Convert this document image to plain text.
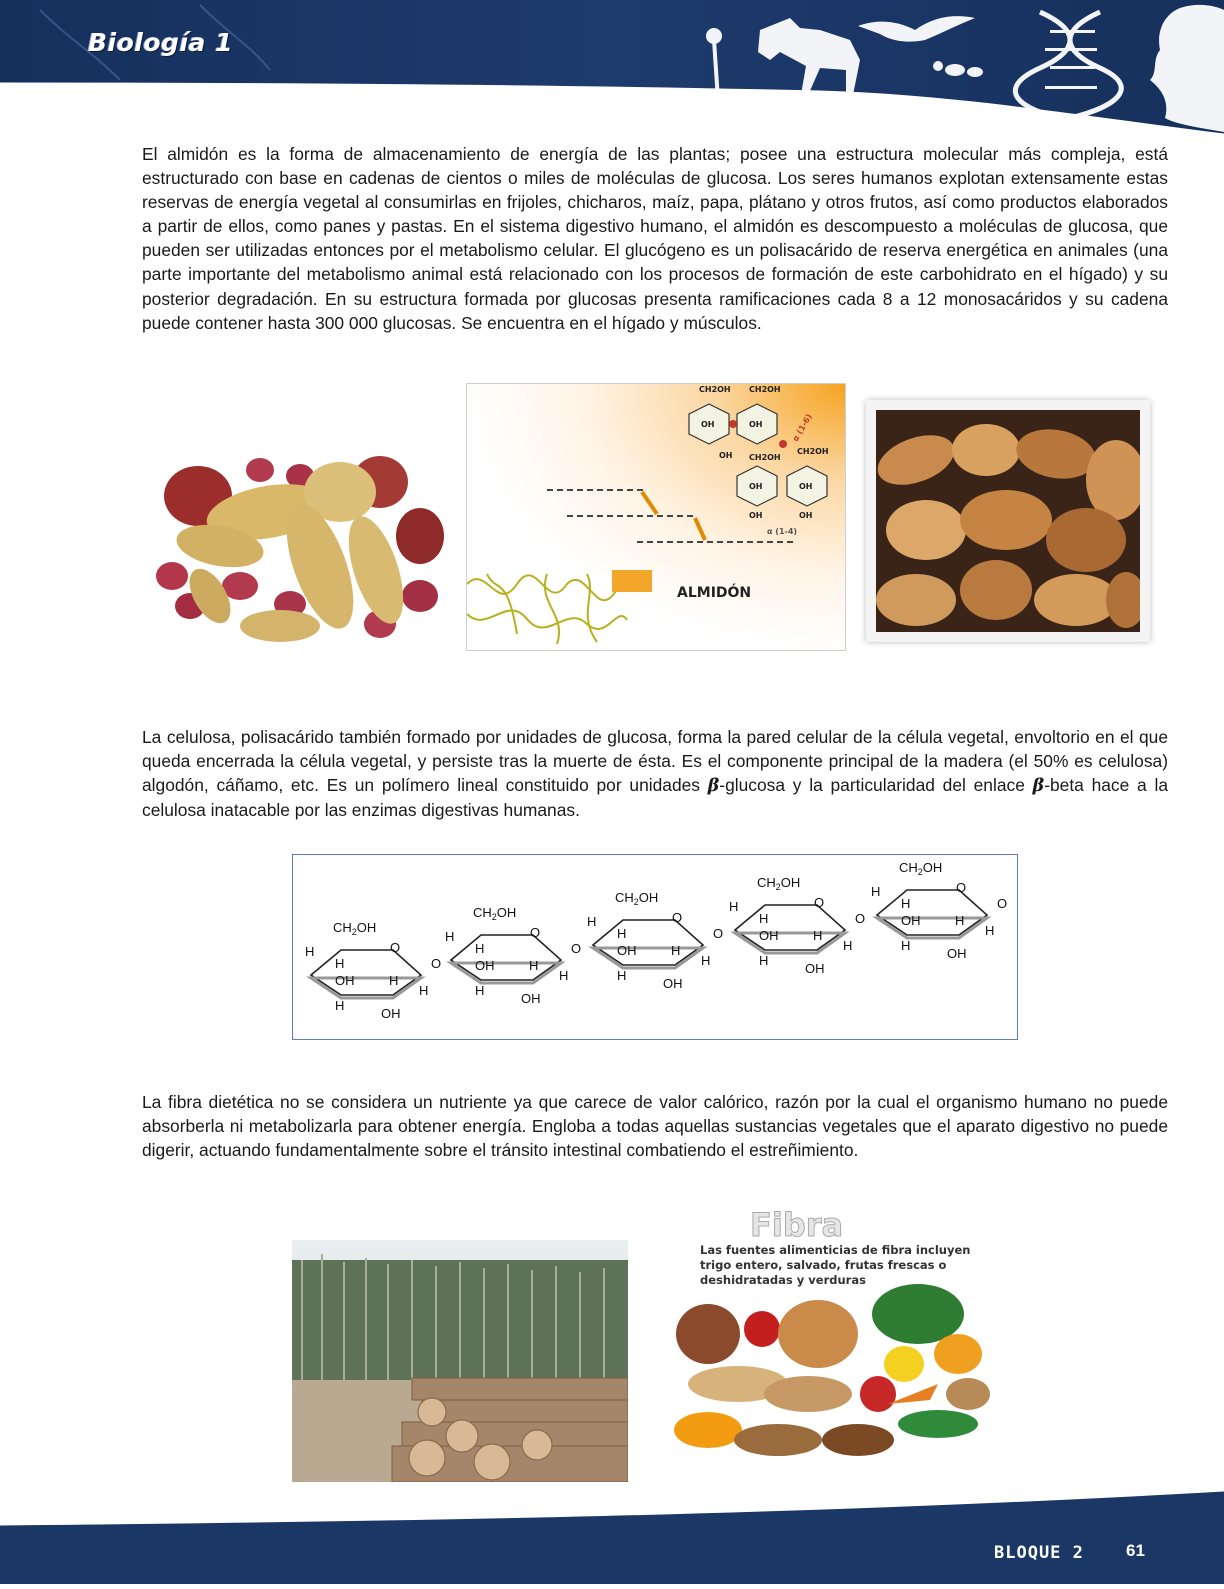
Biología 1

El almidón es la forma de almacenamiento de energía de las plantas; posee una estructura molecular más compleja, está estructurado con base en cadenas de cientos o miles de moléculas de glucosa. Los seres humanos explotan extensamente estas reservas de energía vegetal al consumirlas en frijoles, chicharos, maíz, papa, plátano y otros frutos, así como productos elaborados a partir de ellos, como panes y pastas. En el sistema digestivo humano, el almidón es descompuesto a moléculas de glucosa, que pueden ser utilizadas entonces por el metabolismo celular. El glucógeno es un polisacárido de reserva energética en animales (una parte importante del metabolismo animal está relacionado con los procesos de formación de este carbohidrato en el hígado) y su posterior degradación. En su estructura formada por glucosas presenta ramificaciones cada 8 a 12 monosacáridos y su cadena puede contener hasta 300 000 glucosas. Se encuentra en el hígado y músculos.

CH2OH CH2OH
CH2OH
CH2OH
OH	OH
OH
OH	OH
OH	OH
α (1-4)
α (1-6)
ALMIDÓN

La celulosa, polisacárido también formado por unidades de glucosa, forma la pared celular de la célula vegetal, envoltorio en el que queda encerrada la célula vegetal, y persiste tras la muerte de ésta. Es el componente principal de la madera (el 50% es celulosa) algodón, cáñamo, etc. Es un polímero lineal constituido por unidades β-glucosa y la particularidad del enlace β-beta hace a la celulosa inatacable por las enzimas digestivas humanas.

$CH_2OH$
O
H
H
OH	H
H
H
OH
O
$CH_2OH$
O
H
H
OH	H
H
H
OH
O
$CH_2OH$
O
H
H
OH	H
H
H
OH
O
$CH_2OH$
O
H
H
OH	H
H
H
OH
O
$CH_2OH$
O
H
H
OH	H
H
H
OH
O

La fibra dietética no se considera un nutriente ya que carece de valor calórico, razón por la cual el organismo humano no puede absorberla ni metabolizarla para obtener energía. Engloba a todas aquellas sustancias vegetales que el aparato digestivo no puede digerir, actuando fundamentalmente sobre el tránsito intestinal combatiendo el estreñimiento.

Fibra
Las fuentes alimenticias de fibra incluyen
trigo entero, salvado, frutas frescas o
deshidratadas y verduras
BLOQUE 2 61
